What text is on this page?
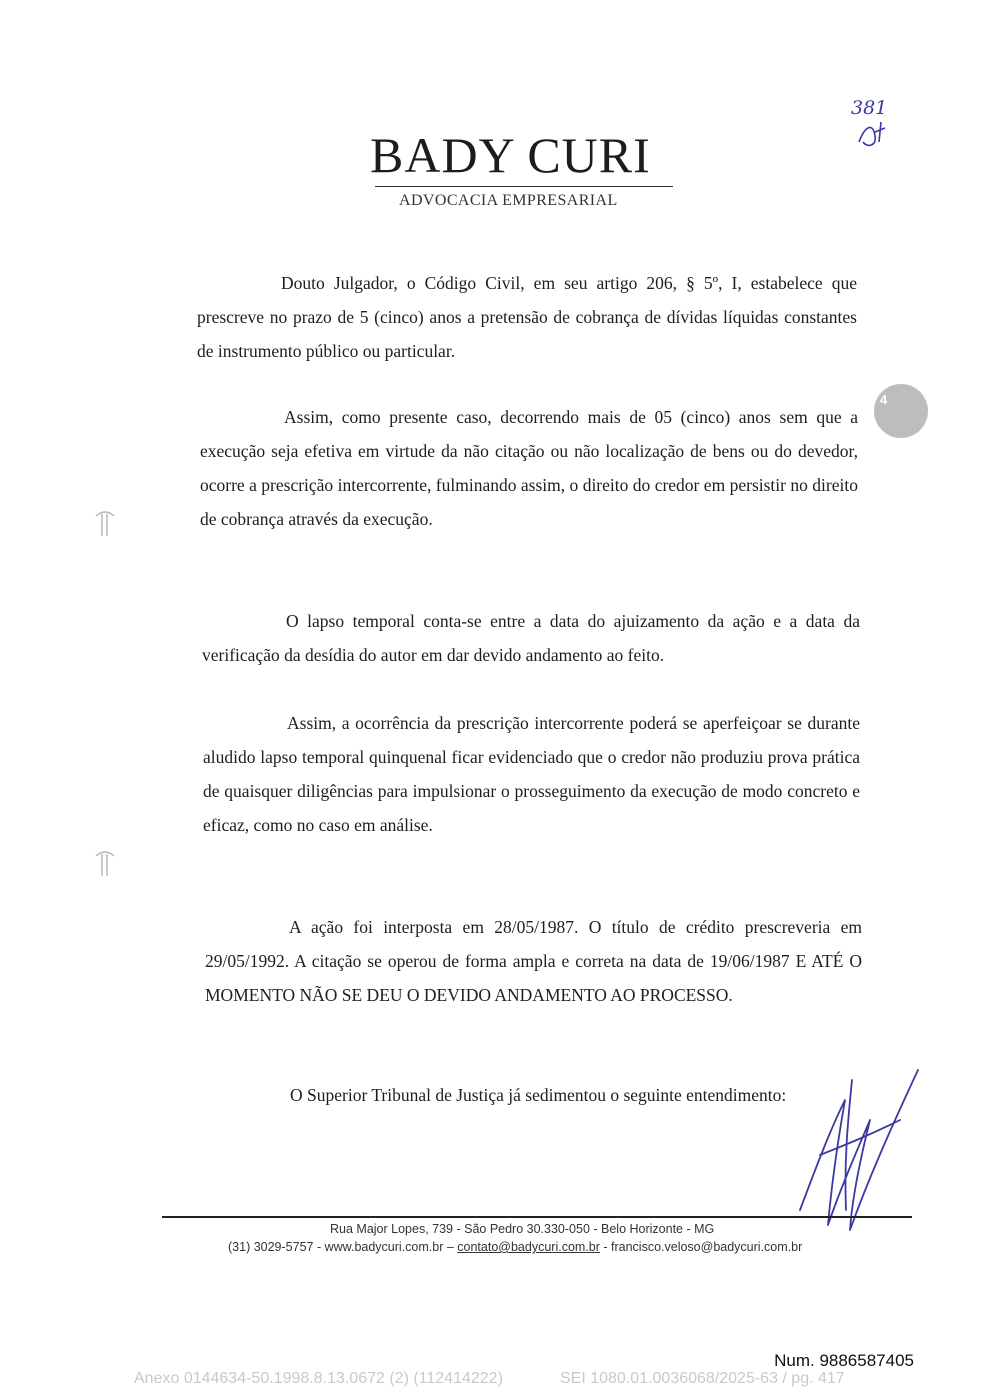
BADY CURI
ADVOCACIA EMPRESARIAL
381
4

Douto Julgador, o Código Civil, em seu artigo 206, § 5º, I, estabelece que prescreve no prazo de 5 (cinco) anos a pretensão de cobrança de dívidas líquidas constantes de instrumento público ou particular.

Assim, como presente caso, decorrendo mais de 05 (cinco) anos sem que a execução seja efetiva em virtude da não citação ou não localização de bens ou do devedor, ocorre a prescrição intercorrente, fulminando assim, o direito do credor em persistir no direito de cobrança através da execução.

O lapso temporal conta-se entre a data do ajuizamento da ação e a data da verificação da desídia do autor em dar devido andamento ao feito.

Assim, a ocorrência da prescrição intercorrente poderá se aperfeiçoar se durante aludido lapso temporal quinquenal ficar evidenciado que o credor não produziu prova prática de quaisquer diligências para impulsionar o prosseguimento da execução de modo concreto e eficaz, como no caso em análise.

A ação foi interposta em 28/05/1987. O título de crédito prescreveria em 29/05/1992. A citação se operou de forma ampla e correta na data de 19/06/1987 E ATÉ O MOMENTO NÃO SE DEU O DEVIDO ANDAMENTO AO PROCESSO.

O Superior Tribunal de Justiça já sedimentou o seguinte entendimento:

Rua Major Lopes, 739 - São Pedro 30.330-050 - Belo Horizonte - MG
(31) 3029-5757 - www.badycuri.com.br – contato@badycuri.com.br - francisco.veloso@badycuri.com.br
Num. 9886587405
Anexo 0144634-50.1998.8.13.0672 (2) (112414222)	SEI 1080.01.0036068/2025-63 / pg. 417
